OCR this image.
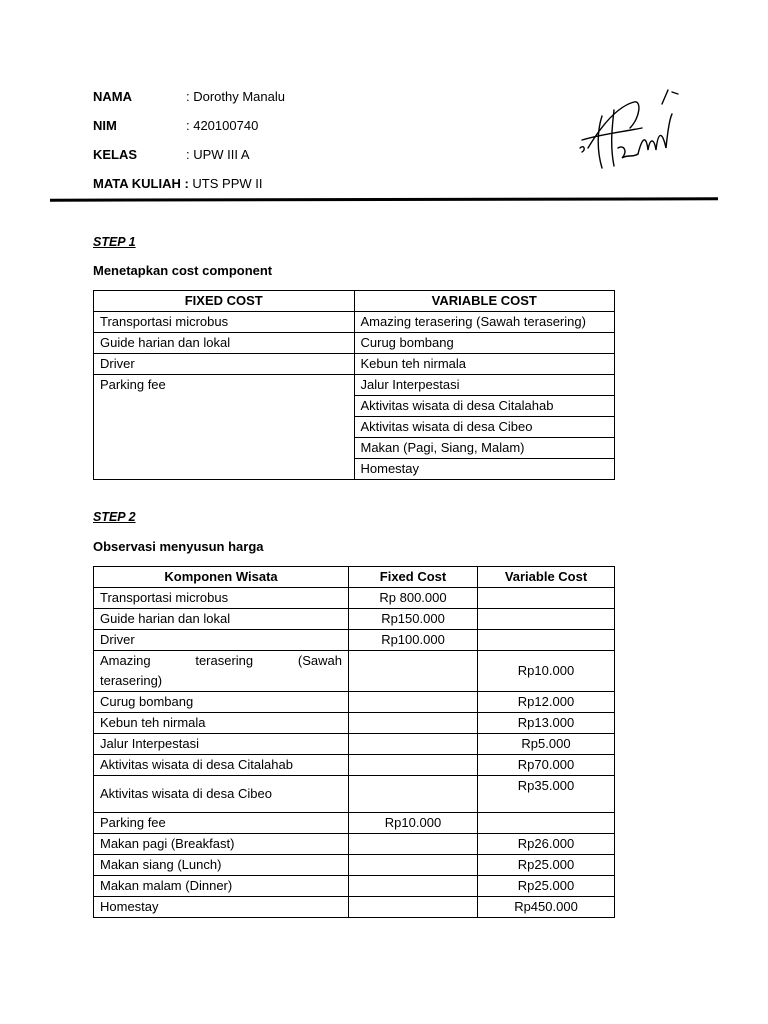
NAMA	: Dorothy Manalu
NIM	: 420100740
KELAS	: UPW III A
MATA KULIAH : UTS PPW II
STEP 1
Menetapkan cost component
FIXED COST	VARIABLE COST
Transportasi microbus	Amazing terasering (Sawah terasering)
Guide harian dan lokal	Curug bombang
Driver	Kebun teh nirmala
Parking fee	Jalur Interpestasi
	Aktivitas wisata di desa Citalahab
	Aktivitas wisata di desa Cibeo
	Makan (Pagi, Siang, Malam)
	Homestay
STEP 2
Observasi menyusun harga
Komponen Wisata	Fixed Cost	Variable Cost
Transportasi microbus	Rp 800.000	
Guide harian dan lokal	Rp150.000	
Driver	Rp100.000	

Amazing terasering (Sawah
terasering)		Rp10.000
Curug bombang		Rp12.000
Kebun teh nirmala		Rp13.000
Jalur Interpestasi		Rp5.000
Aktivitas wisata di desa Citalahab		Rp70.000
Aktivitas wisata di desa Cibeo		Rp35.000
Parking fee	Rp10.000	
Makan pagi (Breakfast)		Rp26.000
Makan siang (Lunch)		Rp25.000
Makan malam (Dinner)		Rp25.000
Homestay		Rp450.000
